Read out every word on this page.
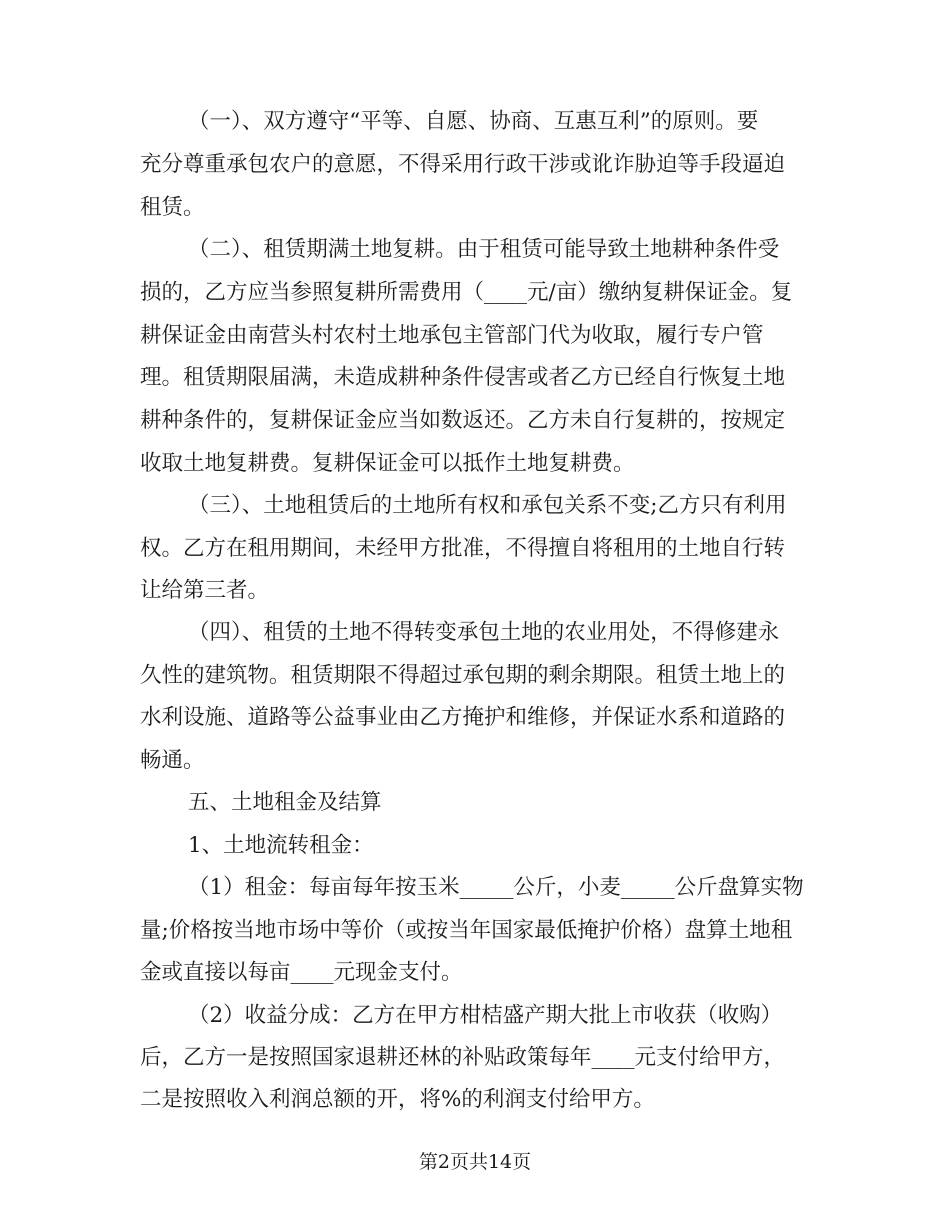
（一）、双方遵守“平等、自愿、协商、互惠互利”的原则。要
充分尊重承包农户的意愿，不得采用行政干涉或讹诈胁迫等手段逼迫
租赁。
（二）、租赁期满土地复耕。由于租赁可能导致土地耕种条件受
损的，乙方应当参照复耕所需费用（____元/亩）缴纳复耕保证金。复
耕保证金由南营头村农村土地承包主管部门代为收取，履行专户管
理。租赁期限届满，未造成耕种条件侵害或者乙方已经自行恢复土地
耕种条件的，复耕保证金应当如数返还。乙方未自行复耕的，按规定
收取土地复耕费。复耕保证金可以抵作土地复耕费。
（三）、土地租赁后的土地所有权和承包关系不变;乙方只有利用
权。乙方在租用期间，未经甲方批准，不得擅自将租用的土地自行转
让给第三者。
（四）、租赁的土地不得转变承包土地的农业用处，不得修建永
久性的建筑物。租赁期限不得超过承包期的剩余期限。租赁土地上的
水利设施、道路等公益事业由乙方掩护和维修，并保证水系和道路的
畅通。
五、土地租金及结算
1、土地流转租金：
（1）租金：每亩每年按玉米_____公斤，小麦_____公斤盘算实物
量;价格按当地市场中等价（或按当年国家最低掩护价格）盘算土地租
金或直接以每亩____元现金支付。
（2）收益分成：乙方在甲方柑桔盛产期大批上市收获（收购）
后，乙方一是按照国家退耕还林的补贴政策每年____元支付给甲方，
二是按照收入利润总额的开，将%的利润支付给甲方。
第2页共14页
